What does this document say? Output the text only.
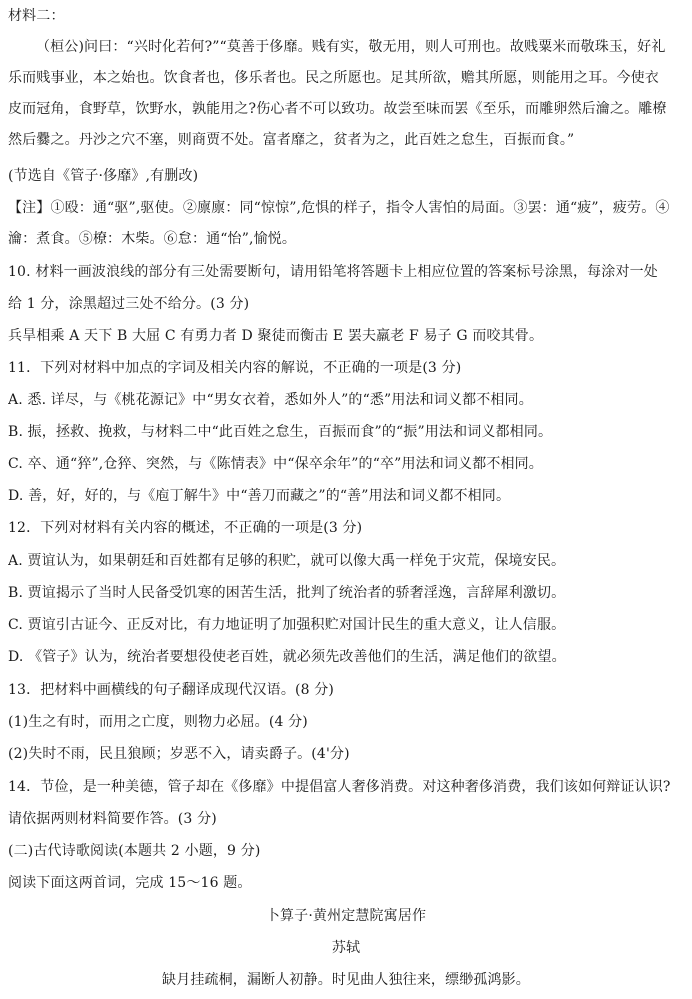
材料二：
（桓公)问曰：“兴时化若何?”“莫善于侈靡。贱有实，敬无用，则人可刑也。故贱粟米而敬珠玉，好礼
乐而贱事业，本之始也。饮食者也，侈乐者也。民之所愿也。足其所欲，赡其所愿，则能用之耳。今使衣
皮而冠角，食野草，饮野水，孰能用之?伤心者不可以致功。故尝至味而罢《至乐，而雕卵然后瀹之。雕橑
然后爨之。丹沙之穴不塞，则商贾不处。富者靡之，贫者为之，此百姓之怠生，百振而食。”
(节选自《管子·侈靡》,有删改)
【注】①殴：通“驱”,驱使。②廪廪：同“惊惊”,危惧的样子，指令人害怕的局面。③罢：通“疲”，疲劳。④
瀹：煮食。⑤橑：木柴。⑥怠：通“怡”,愉悦。
10. 材料一画波浪线的部分有三处需要断句，请用铅笔将答题卡上相应位置的答案标号涂黑，每涂对一处
给 1 分，涂黑超过三处不给分。(3 分)
兵旱相乘 A 天下 B 大屈 C 有勇力者 D 聚徒而衡击 E 罢夫羸老 F 易子 G 而咬其骨。
11．下列对材料中加点的字词及相关内容的解说，不正确的一项是(3 分)
A. 悉. 详尽，与《桃花源记》中“男女衣着，悉如外人”的“悉”用法和词义都不相同。
B. 振，拯救、挽救，与材料二中“此百姓之怠生，百振而食”的“振”用法和词义都相同。
C. 卒、通“猝”,仓猝、突然，与《陈情表》中“保卒余年”的“卒”用法和词义都不相同。
D. 善，好，好的，与《庖丁解牛》中“善刀而藏之”的“善”用法和词义都不相同。
12．下列对材料有关内容的概述，不正确的一项是(3 分)
A. 贾谊认为，如果朝廷和百姓都有足够的积贮，就可以像大禹一样免于灾荒，保境安民。
B. 贾谊揭示了当时人民备受饥寒的困苦生活，批判了统治者的骄奢淫逸，言辞犀利激切。
C. 贾谊引古证今、正反对比，有力地证明了加强积贮对国计民生的重大意义，让人信服。
D. 《管子》认为，统治者要想役使老百姓，就必须先改善他们的生活，满足他们的欲望。
13．把材料中画横线的句子翻译成现代汉语。(8 分)
(1)生之有时，而用之亡度，则物力必屈。(4 分)
(2)失时不雨，民且狼顾；岁恶不入，请卖爵子。(4'分)
14．节俭，是一种美德，管子却在《侈靡》中提倡富人奢侈消费。对这种奢侈消费，我们该如何辩证认识?
请依据两则材料简要作答。(3 分)
(二)古代诗歌阅读(本题共 2 小题，9 分)
阅读下面这两首词，完成 15～16 题。
卜算子·黄州定慧院寓居作
苏轼
缺月挂疏桐，漏断人初静。时见曲人独往来，缥缈孤鸿影。
